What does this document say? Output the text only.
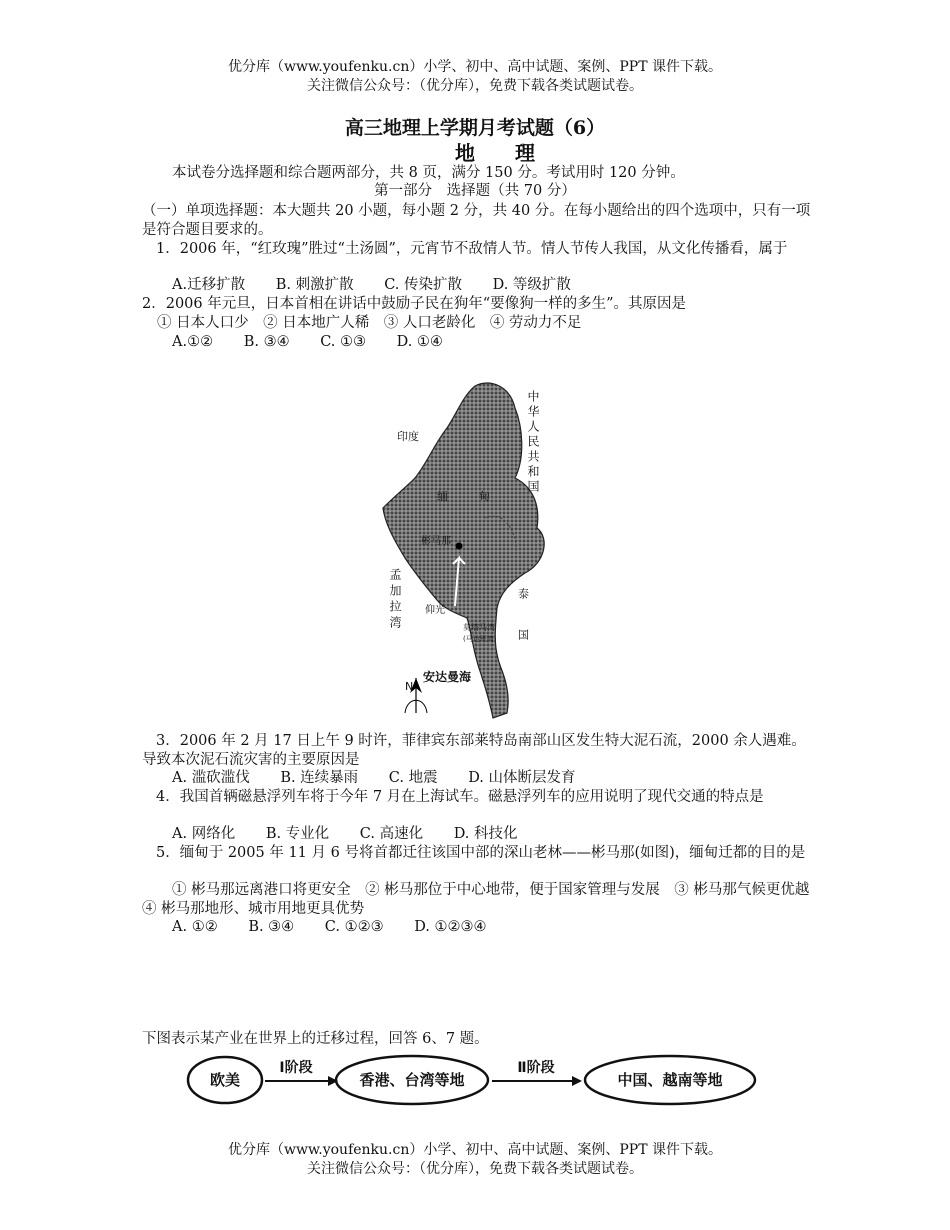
优分库（www.youfenku.cn）小学、初中、高中试题、案例、PPT 课件下载。
关注微信公众号：（优分库），免费下载各类试题试卷。
高三地理上学期月考试题（6）
地理
本试卷分选择题和综合题两部分，共 8 页，满分 150 分。考试用时 120 分钟。
第一部分　选择题（共 70 分）
（一）单项选择题：本大题共 20 小题，每小题 2 分，共 40 分。在每小题给出的四个选项中，只有一项是符合题目要求的。
1．2006 年，“红玫瑰”胜过“土汤圆”，元宵节不敌情人节。情人节传人我国，从文化传播看，属于
A.迁移扩散 B. 刺激扩散 C. 传染扩散 D. 等级扩散
2．2006 年元旦，日本首相在讲话中鼓励子民在狗年“要像狗一样的多生”。其原因是
① 日本人口少　② 日本地广人稀　③ 人口老龄化　④ 劳动力不足
A.①② B. ③④ C. ①③ D. ①④
N
印度
缅	甸
彬马那
泰国
仰光
莫塔马湾
(马达班湾)
安达曼海
中华人民共和国
孟加拉湾
3．2006 年 2 月 17 日上午 9 时许，菲律宾东部莱特岛南部山区发生特大泥石流，2000 余人遇难。导致本次泥石流灾害的主要原因是
A. 滥砍滥伐 B. 连续暴雨 C. 地震 D. 山体断层发育
4．我国首辆磁悬浮列车将于今年 7 月在上海试车。磁悬浮列车的应用说明了现代交通的特点是
A. 网络化 B. 专业化 C. 高速化 D. 科技化
5．缅甸于 2005 年 11 月 6 号将首都迁往该国中部的深山老林——彬马那(如图)，缅甸迁都的目的是
① 彬马那远离港口将更安全　② 彬马那位于中心地带，便于国家管理与发展　③ 彬马那气候更优越　④ 彬马那地形、城市用地更具优势
A. ①② B. ③④ C. ①②③ D. ①②③④
下图表示某产业在世界上的迁移过程，回答 6、7 题。
欧美
Ⅰ阶段
香港、台湾等地
Ⅱ阶段
中国、越南等地
优分库（www.youfenku.cn）小学、初中、高中试题、案例、PPT 课件下载。
关注微信公众号：（优分库），免费下载各类试题试卷。
